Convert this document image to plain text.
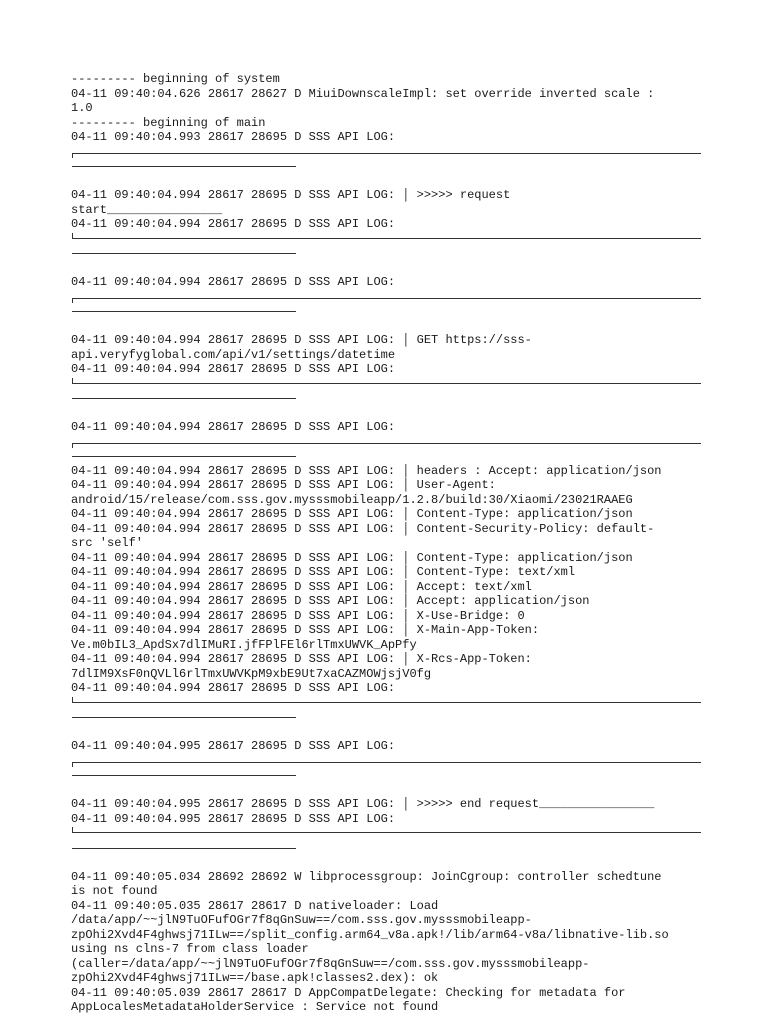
--------- beginning of system
04-11 09:40:04.626 28617 28627 D MiuiDownscaleImpl: set override inverted scale :
1.0
--------- beginning of main
04-11 09:40:04.993 28617 28695 D SSS API LOG:
04-11 09:40:04.994 28617 28695 D SSS API LOG: │ >>>>> request
start________________
04-11 09:40:04.994 28617 28695 D SSS API LOG:
04-11 09:40:04.994 28617 28695 D SSS API LOG:
04-11 09:40:04.994 28617 28695 D SSS API LOG: │ GET https://sss-
api.veryfyglobal.com/api/v1/settings/datetime
04-11 09:40:04.994 28617 28695 D SSS API LOG:
04-11 09:40:04.994 28617 28695 D SSS API LOG:
04-11 09:40:04.994 28617 28695 D SSS API LOG: │ headers : Accept: application/json
04-11 09:40:04.994 28617 28695 D SSS API LOG: │ User-Agent:
android/15/release/com.sss.gov.mysssmobileapp/1.2.8/build:30/Xiaomi/23021RAAEG
04-11 09:40:04.994 28617 28695 D SSS API LOG: │ Content-Type: application/json
04-11 09:40:04.994 28617 28695 D SSS API LOG: │ Content-Security-Policy: default-
src 'self'
04-11 09:40:04.994 28617 28695 D SSS API LOG: │ Content-Type: application/json
04-11 09:40:04.994 28617 28695 D SSS API LOG: │ Content-Type: text/xml
04-11 09:40:04.994 28617 28695 D SSS API LOG: │ Accept: text/xml
04-11 09:40:04.994 28617 28695 D SSS API LOG: │ Accept: application/json
04-11 09:40:04.994 28617 28695 D SSS API LOG: │ X-Use-Bridge: 0
04-11 09:40:04.994 28617 28695 D SSS API LOG: │ X-Main-App-Token:
Ve.m0bIL3_ApdSx7dlIMuRI.jfFPlFEl6rlTmxUWVK_ApPfy
04-11 09:40:04.994 28617 28695 D SSS API LOG: │ X-Rcs-App-Token:
7dlIM9XsF0nQVLl6rlTmxUWVKpM9xbE9Ut7xaCAZMOWjsjV0fg
04-11 09:40:04.994 28617 28695 D SSS API LOG:
04-11 09:40:04.995 28617 28695 D SSS API LOG:
04-11 09:40:04.995 28617 28695 D SSS API LOG: │ >>>>> end request________________
04-11 09:40:04.995 28617 28695 D SSS API LOG:
04-11 09:40:05.034 28692 28692 W libprocessgroup: JoinCgroup: controller schedtune
is not found
04-11 09:40:05.035 28617 28617 D nativeloader: Load
/data/app/~~jlN9TuOFufOGr7f8qGnSuw==/com.sss.gov.mysssmobileapp-
zpOhi2Xvd4F4ghwsj71ILw==/split_config.arm64_v8a.apk!/lib/arm64-v8a/libnative-lib.so
using ns clns-7 from class loader
(caller=/data/app/~~jlN9TuOFufOGr7f8qGnSuw==/com.sss.gov.mysssmobileapp-
zpOhi2Xvd4F4ghwsj71ILw==/base.apk!classes2.dex): ok
04-11 09:40:05.039 28617 28617 D AppCompatDelegate: Checking for metadata for
AppLocalesMetadataHolderService : Service not found
